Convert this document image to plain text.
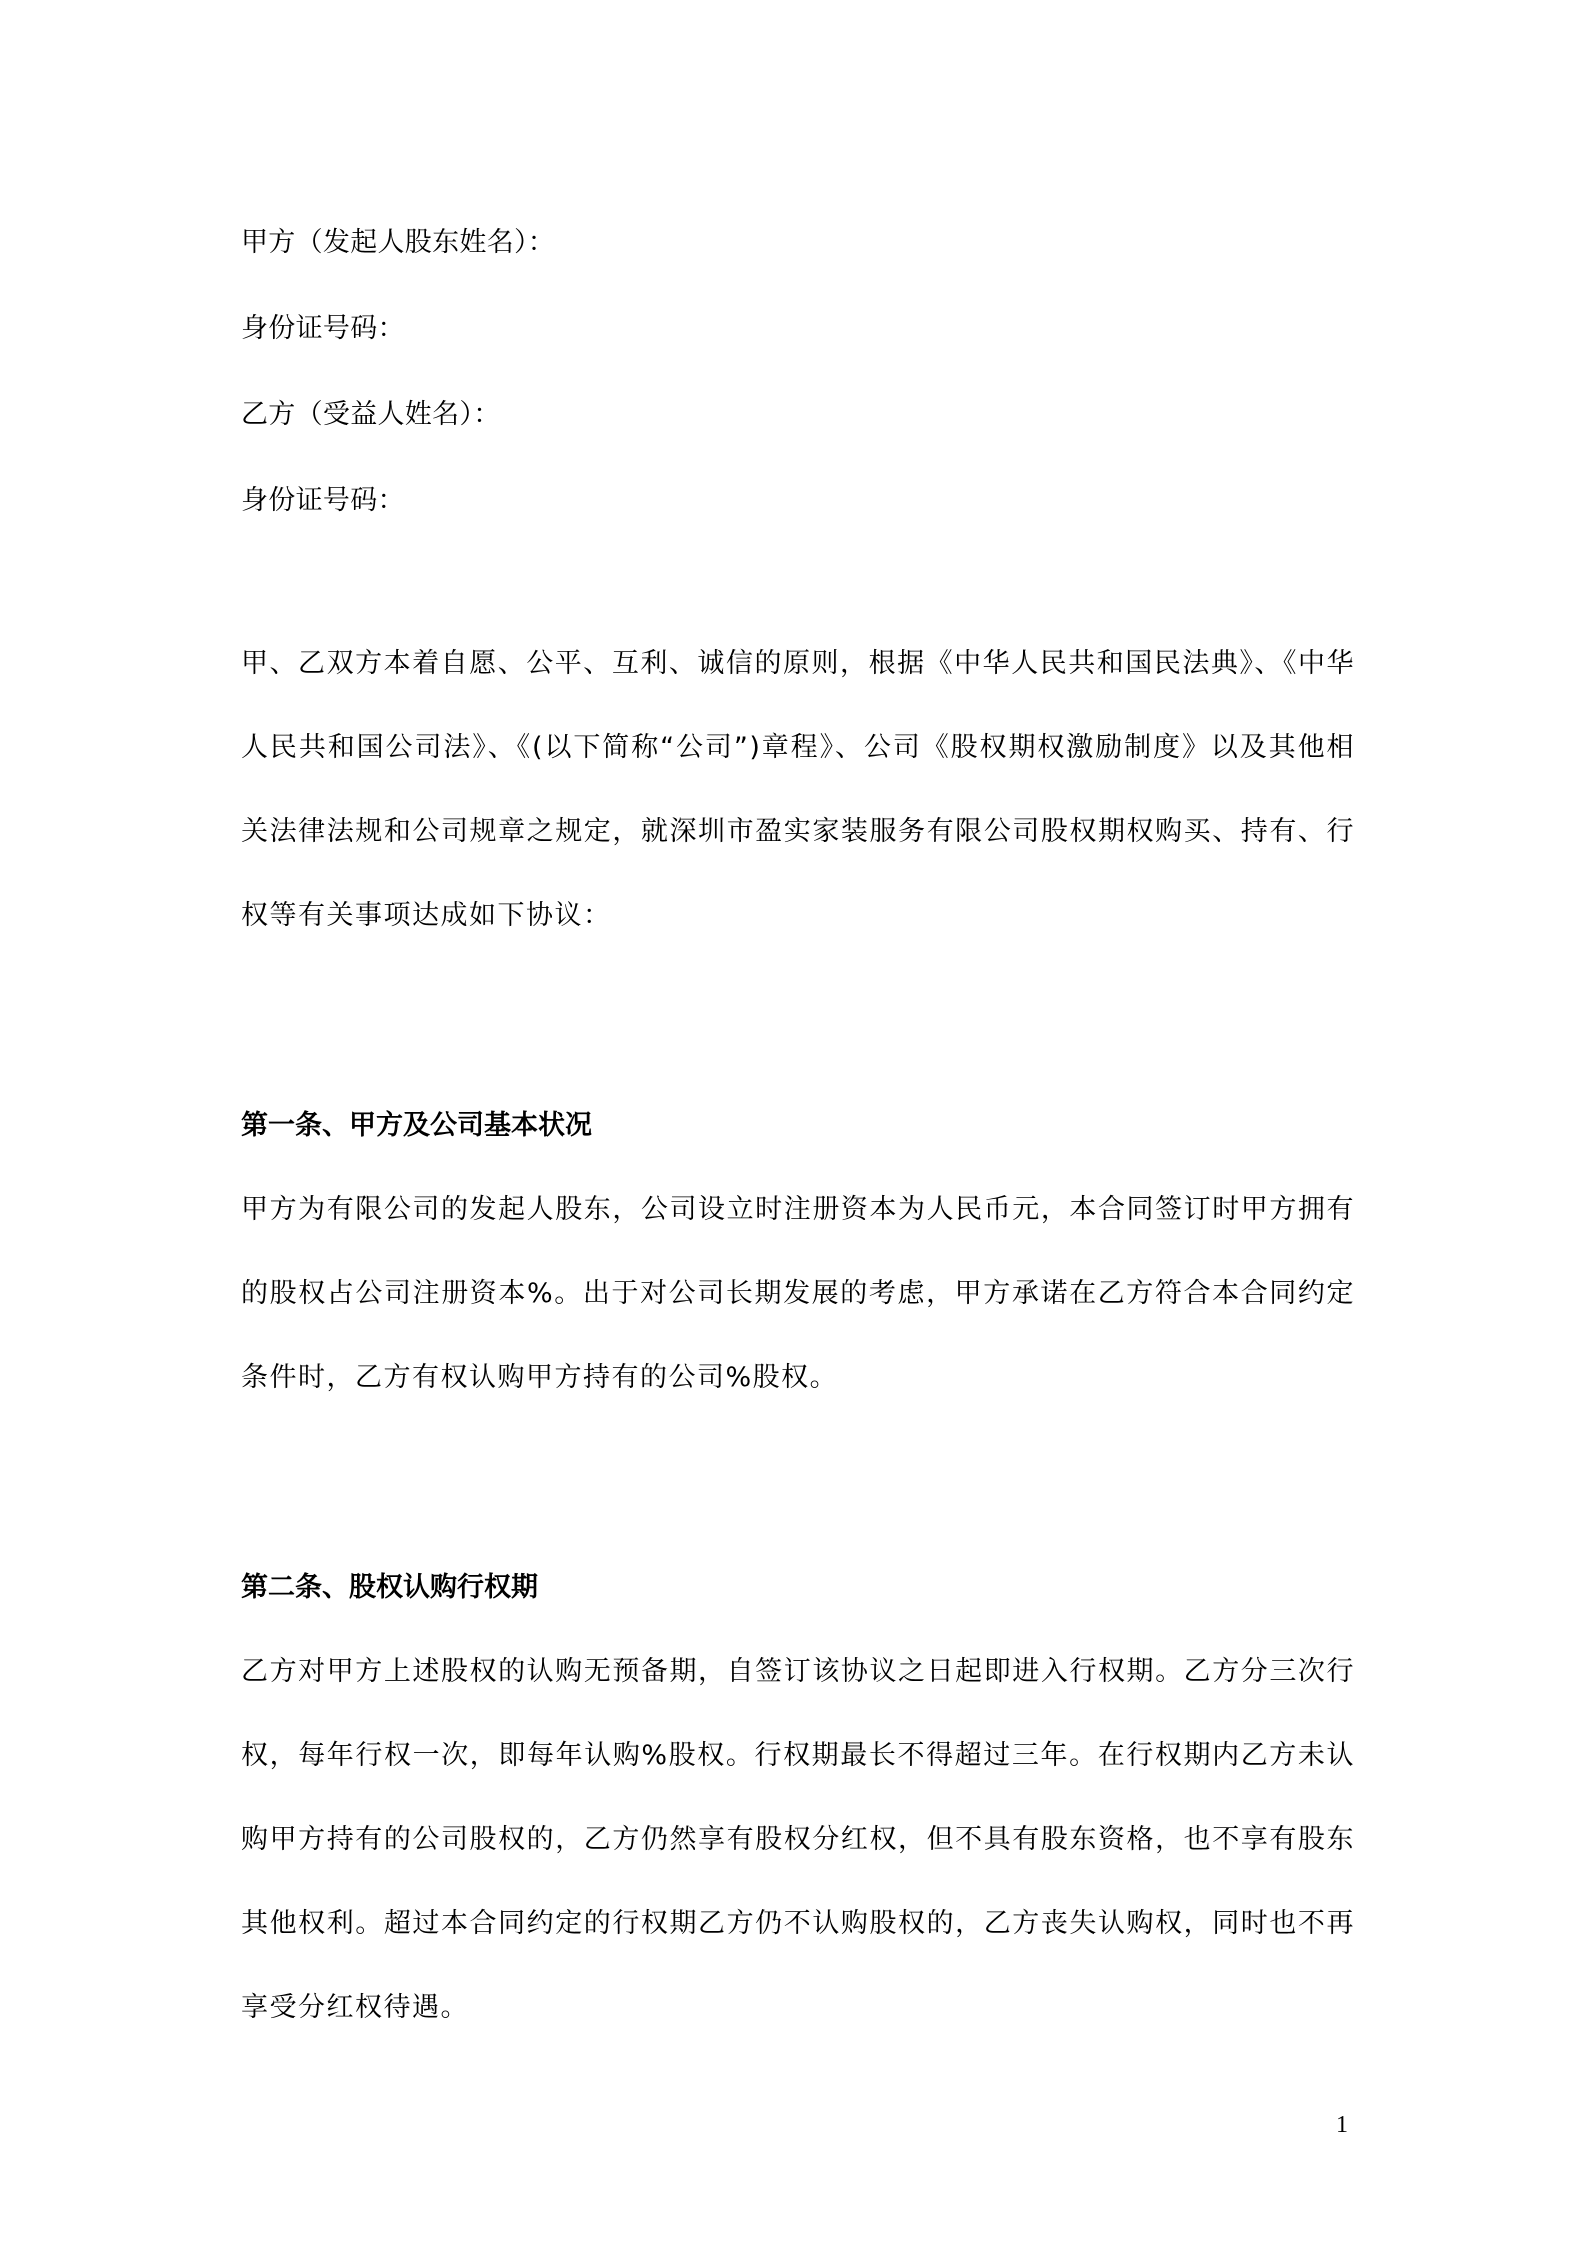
甲方（发起人股东姓名）：
身份证号码：
乙方（受益人姓名）：
身份证号码：

甲、乙双方本着自愿、公平、互利、诚信的原则，根据《中华人民共和国民法典》、《中华人民共和国公司法》、《(以下简称“公司”)章程》、公司《股权期权激励制度》以及其他相关法律法规和公司规章之规定，就深圳市盈实家装服务有限公司股权期权购买、持有、行权等有关事项达成如下协议：

第一条、甲方及公司基本状况

甲方为有限公司的发起人股东，公司设立时注册资本为人民币元，本合同签订时甲方拥有的股权占公司注册资本%。出于对公司长期发展的考虑，甲方承诺在乙方符合本合同约定条件时，乙方有权认购甲方持有的公司%股权。

第二条、股权认购行权期

乙方对甲方上述股权的认购无预备期，自签订该协议之日起即进入行权期。乙方分三次行权，每年行权一次，即每年认购%股权。行权期最长不得超过三年。在行权期内乙方未认购甲方持有的公司股权的，乙方仍然享有股权分红权，但不具有股东资格，也不享有股东其他权利。超过本合同约定的行权期乙方仍不认购股权的，乙方丧失认购权，同时也不再享受分红权待遇。

1
